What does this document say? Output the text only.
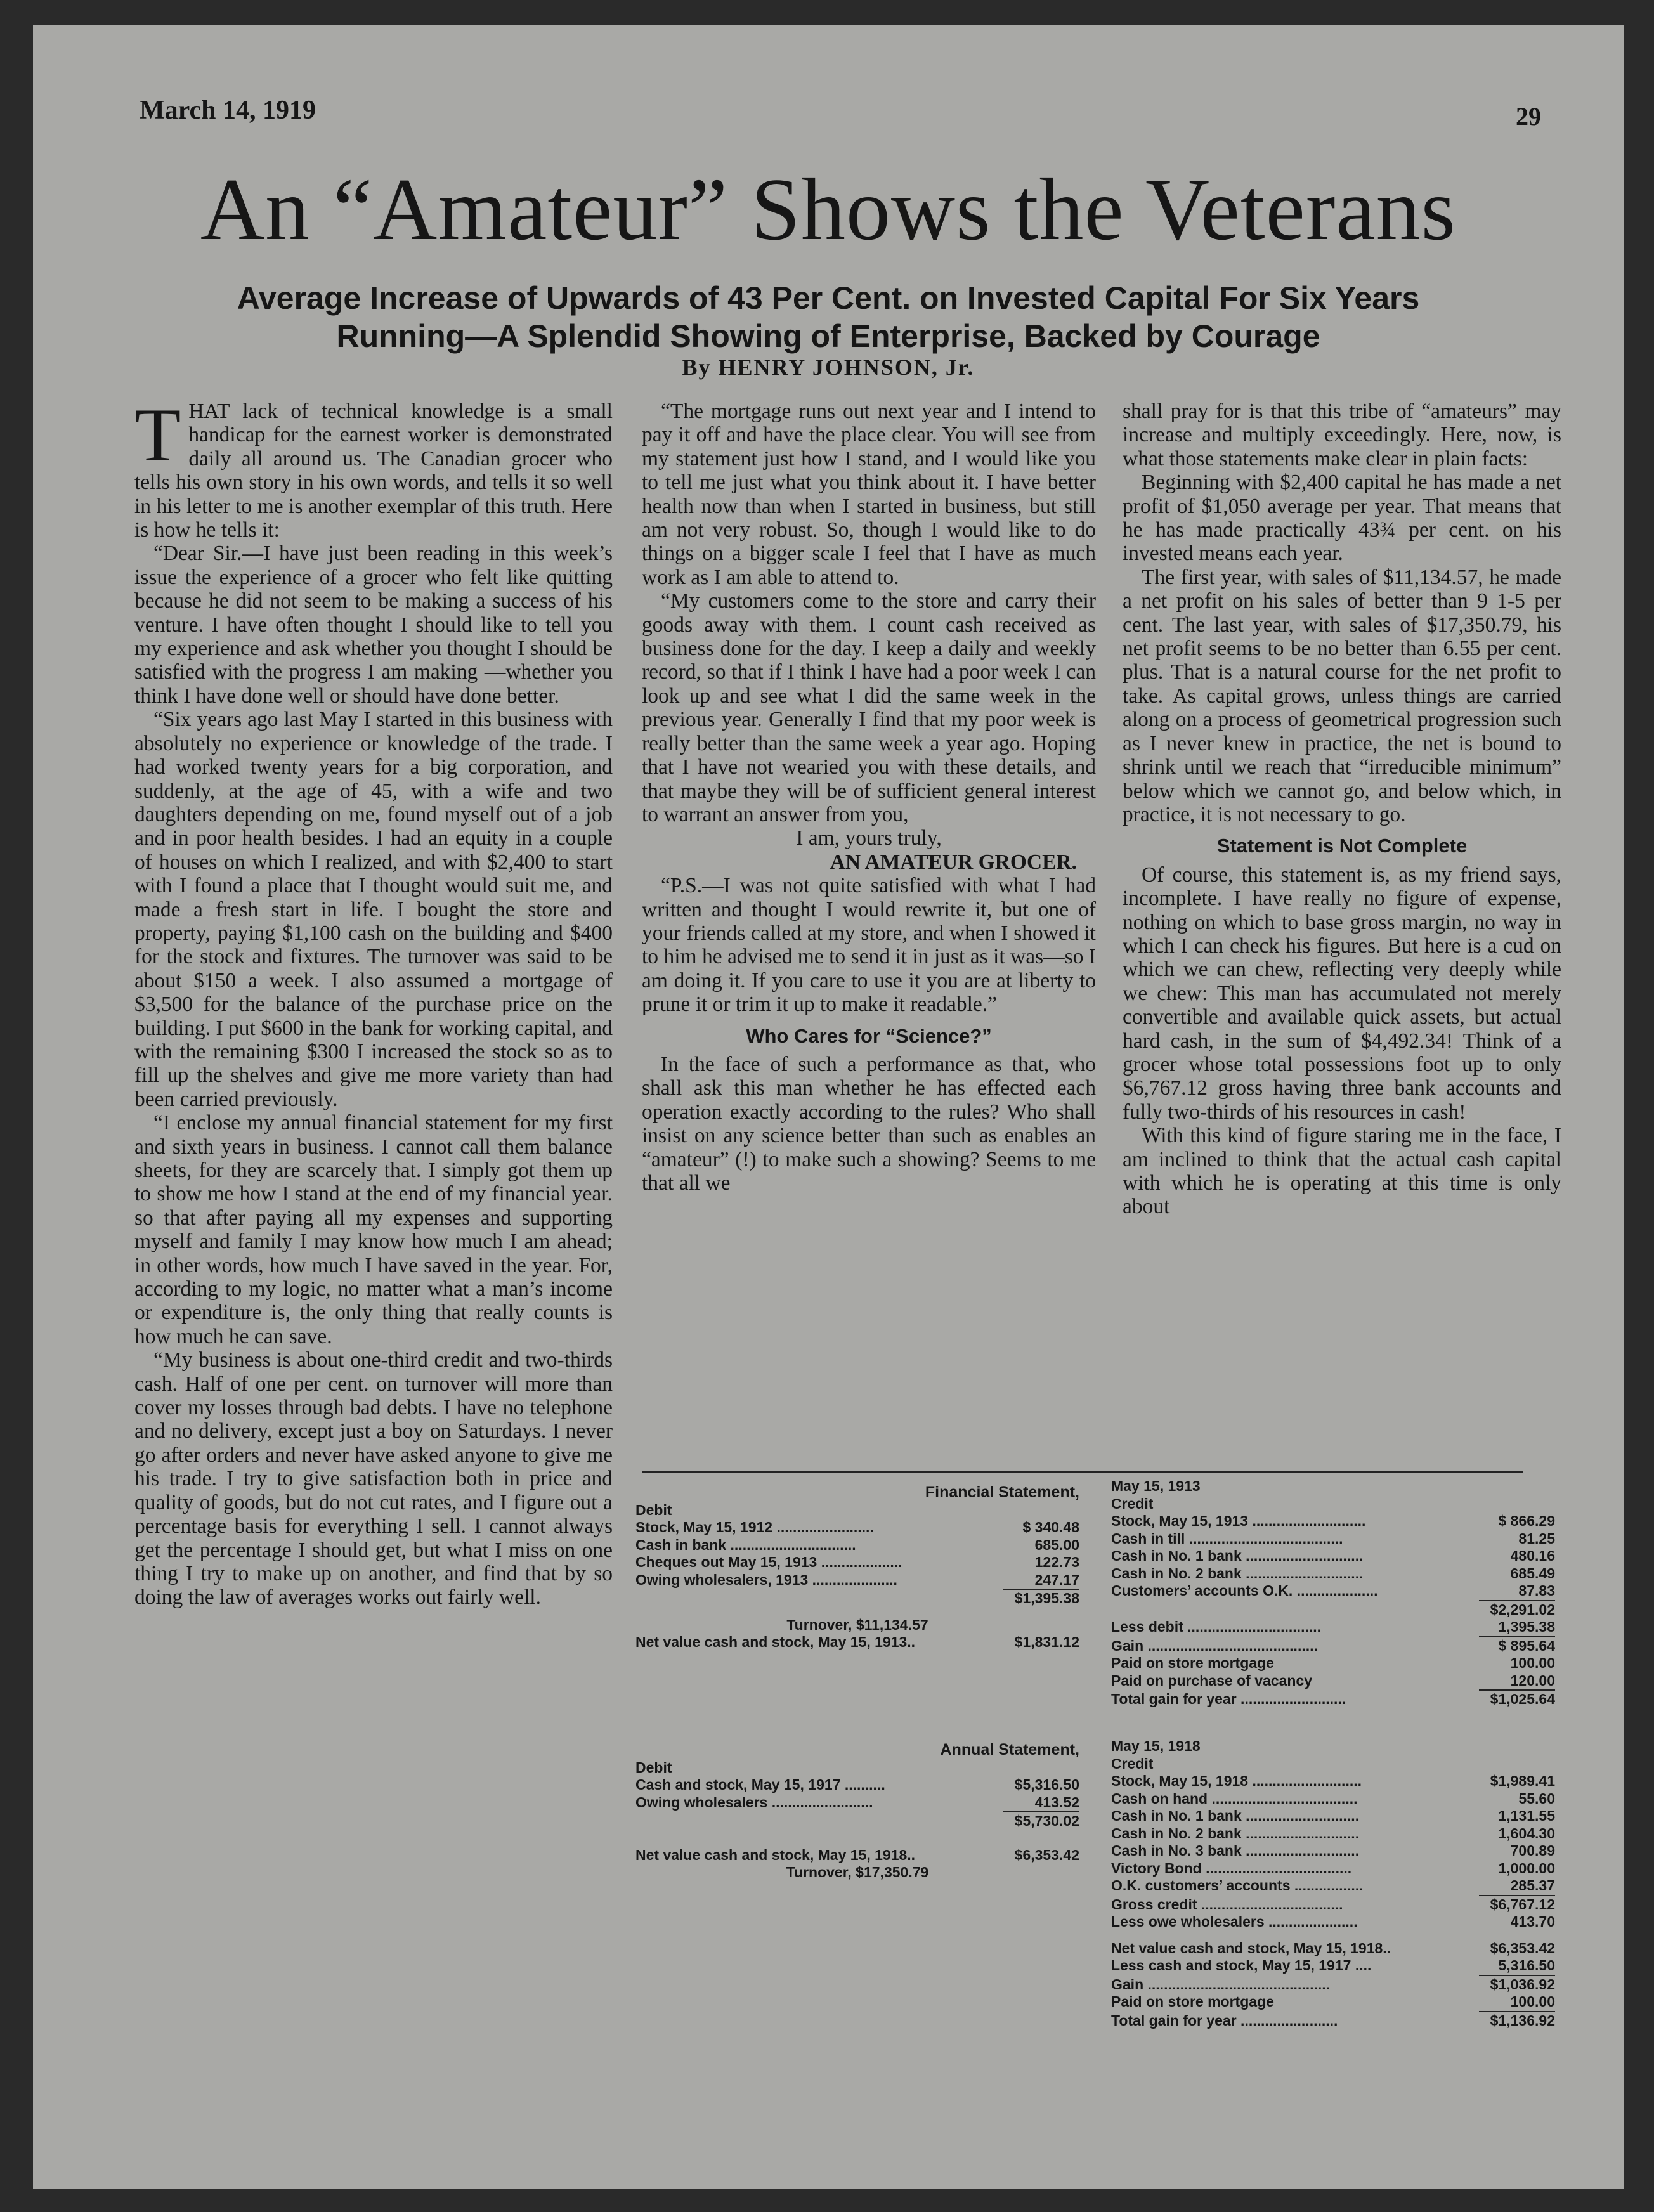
March 14, 1919	29
An “Amateur” Shows the Veterans
Average Increase of Upwards of 43 Per Cent. on Invested Capital For Six Years Running—A Splendid Showing of Enterprise, Backed by Courage
By HENRY JOHNSON, Jr.

THAT lack of technical knowledge is a small handicap for the earnest worker is demonstrated daily all around us. The Canadian grocer who tells his own story in his own words, and tells it so well in his letter to me is another exemplar of this truth. Here is how he tells it:

“Dear Sir.—I have just been reading in this week’s issue the experience of a grocer who felt like quitting because he did not seem to be making a success of his venture. I have often thought I should like to tell you my experience and ask whether you thought I should be satisfied with the progress I am making —whether you think I have done well or should have done better.

“Six years ago last May I started in this business with absolutely no experience or knowledge of the trade. I had worked twenty years for a big corporation, and suddenly, at the age of 45, with a wife and two daughters depending on me, found myself out of a job and in poor health besides. I had an equity in a couple of houses on which I realized, and with $2,400 to start with I found a place that I thought would suit me, and made a fresh start in life. I bought the store and property, paying $1,100 cash on the building and $400 for the stock and fixtures. The turnover was said to be about $150 a week. I also assumed a mortgage of $3,500 for the balance of the purchase price on the building. I put $600 in the bank for working capital, and with the remaining $300 I increased the stock so as to fill up the shelves and give me more variety than had been carried previously.

“I enclose my annual financial statement for my first and sixth years in business. I cannot call them balance sheets, for they are scarcely that. I simply got them up to show me how I stand at the end of my financial year. so that after paying all my expenses and supporting myself and family I may know how much I am ahead; in other words, how much I have saved in the year. For, according to my logic, no matter what a man’s income or expenditure is, the only thing that really counts is how much he can save.

“My business is about one-third credit and two-thirds cash. Half of one per cent. on turnover will more than cover my losses through bad debts. I have no telephone and no delivery, except just a boy on Saturdays. I never go after orders and never have asked anyone to give me his trade. I try to give satisfaction both in price and quality of goods, but do not cut rates, and I figure out a percentage basis for everything I sell. I cannot always get the percentage I should get, but what I miss on one thing I try to make up on another, and find that by so doing the law of averages works out fairly well.

“The mortgage runs out next year and I intend to pay it off and have the place clear. You will see from my statement just how I stand, and I would like you to tell me just what you think about it. I have better health now than when I started in business, but still am not very robust. So, though I would like to do things on a bigger scale I feel that I have as much work as I am able to attend to.

“My customers come to the store and carry their goods away with them. I count cash received as business done for the day. I keep a daily and weekly record, so that if I think I have had a poor week I can look up and see what I did the same week in the previous year. Generally I find that my poor week is really better than the same week a year ago. Hoping that I have not wearied you with these details, and that maybe they will be of sufficient general interest to warrant an answer from you,

I am, yours truly,

AN AMATEUR GROCER.

“P.S.—I was not quite satisfied with what I had written and thought I would rewrite it, but one of your friends called at my store, and when I showed it to him he advised me to send it in just as it was—so I am doing it. If you care to use it you are at liberty to prune it or trim it up to make it readable.”

Who Cares for “Science?”

In the face of such a performance as that, who shall ask this man whether he has effected each operation exactly according to the rules? Who shall insist on any science better than such as enables an “amateur” (!) to make such a showing? Seems to me that all we

shall pray for is that this tribe of “amateurs” may increase and multiply exceedingly. Here, now, is what those statements make clear in plain facts:

Beginning with $2,400 capital he has made a net profit of $1,050 average per year. That means that he has made practically 43¾ per cent. on his invested means each year.

The first year, with sales of $11,134.57, he made a net profit on his sales of better than 9 1-5 per cent. The last year, with sales of $17,350.79, his net profit seems to be no better than 6.55 per cent. plus. That is a natural course for the net profit to take. As capital grows, unless things are carried along on a process of geometrical progression such as I never knew in practice, the net is bound to shrink until we reach that “irreducible minimum” below which we cannot go, and below which, in practice, it is not necessary to go.

Statement is Not Complete

Of course, this statement is, as my friend says, incomplete. I have really no figure of expense, nothing on which to base gross margin, no way in which I can check his figures. But here is a cud on which we can chew, reflecting very deeply while we chew: This man has accumulated not merely convertible and available quick assets, but actual hard cash, in the sum of $4,492.34! Think of a grocer whose total possessions foot up to only $6,767.12 gross having three bank accounts and fully two-thirds of his resources in cash!

With this kind of figure staring me in the face, I am inclined to think that the actual cash capital with which he is operating at this time is only about

Financial Statement,
Debit
Stock, May 15, 1912 ........................	$ 340.48
Cash in bank ...............................	685.00
Cheques out May 15, 1913 ....................	122.73
Owing wholesalers, 1913 .....................	247.17
$1,395.38
Turnover, $11,134.57
Net value cash and stock, May 15, 1913..	$1,831.12
May 15, 1913
Credit
Stock, May 15, 1913 ............................	$ 866.29
Cash in till ......................................	81.25
Cash in No. 1 bank .............................	480.16
Cash in No. 2 bank .............................	685.49
Customers’ accounts O.K. ....................	87.83
$2,291.02
Less debit .................................	1,395.38
Gain ..........................................	$ 895.64
Paid on store mortgage	100.00
Paid on purchase of vacancy	120.00
Total gain for year ..........................	$1,025.64
Annual Statement,
Debit
Cash and stock, May 15, 1917 ..........	$5,316.50
Owing wholesalers .........................	413.52
$5,730.02
Net value cash and stock, May 15, 1918..	$6,353.42
Turnover, $17,350.79
May 15, 1918
Credit
Stock, May 15, 1918 ...........................	$1,989.41
Cash on hand ....................................	55.60
Cash in No. 1 bank ............................	1,131.55
Cash in No. 2 bank ............................	1,604.30
Cash in No. 3 bank ............................	700.89
Victory Bond ....................................	1,000.00
O.K. customers’ accounts .................	285.37
Gross credit ...................................	$6,767.12
Less owe wholesalers ......................	413.70
Net value cash and stock, May 15, 1918..	$6,353.42
Less cash and stock, May 15, 1917 ....	5,316.50
Gain .............................................	$1,036.92
Paid on store mortgage	100.00
Total gain for year ........................	$1,136.92
